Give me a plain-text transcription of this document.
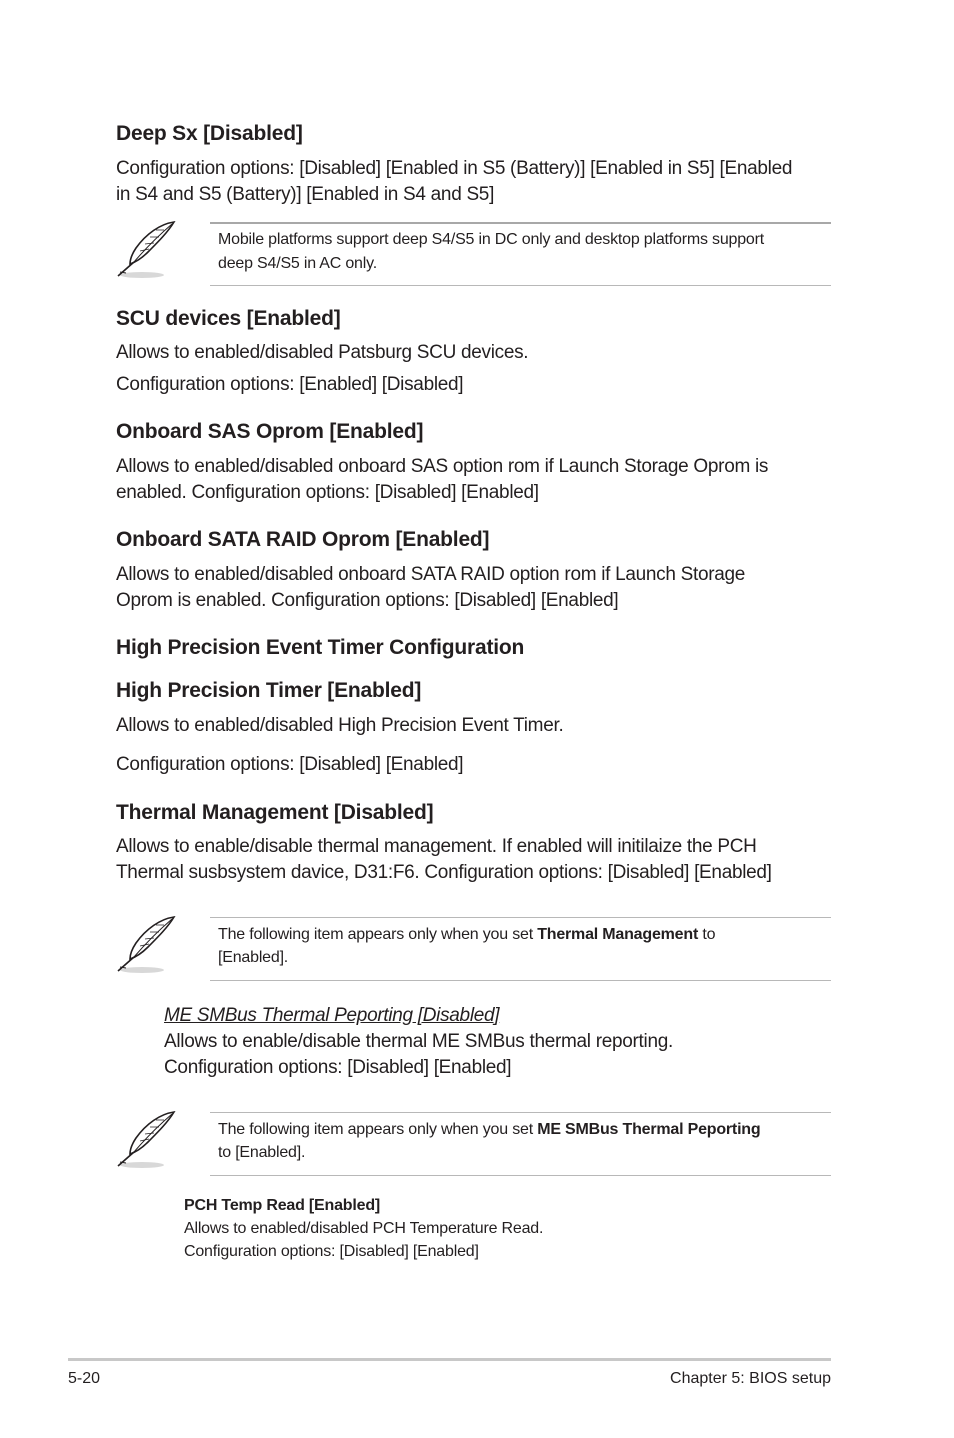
Deep Sx [Disabled]
Configuration options: [Disabled] [Enabled in S5 (Battery)] [Enabled in S5] [Enabled
in S4 and S5 (Battery)] [Enabled in S4 and S5]
Mobile platforms support deep S4/S5 in DC only and desktop platforms support
deep S4/S5 in AC only.
SCU devices [Enabled]
Allows to enabled/disabled Patsburg SCU devices.
Configuration options: [Enabled] [Disabled]
Onboard SAS Oprom [Enabled]
Allows to enabled/disabled onboard SAS option rom if Launch Storage Oprom is
enabled. Configuration options: [Disabled] [Enabled]
Onboard SATA RAID Oprom [Enabled]
Allows to enabled/disabled onboard SATA RAID option rom if Launch Storage
Oprom is enabled. Configuration options: [Disabled] [Enabled]
High Precision Event Timer Configuration
High Precision Timer [Enabled]
Allows to enabled/disabled High Precision Event Timer.
Configuration options: [Disabled] [Enabled]
Thermal Management [Disabled]
Allows to enable/disable thermal management. If enabled will initilaize the PCH
Thermal susbsystem davice, D31:F6. Configuration options: [Disabled] [Enabled]
The following item appears only when you set Thermal Management to
[Enabled].
ME SMBus Thermal Peporting [Disabled]
Allows to enable/disable thermal ME SMBus thermal reporting.
Configuration options: [Disabled] [Enabled]
The following item appears only when you set ME SMBus Thermal Peporting
to [Enabled].
PCH Temp Read [Enabled]
Allows to enabled/disabled PCH Temperature Read.
Configuration options: [Disabled] [Enabled]
5-20	Chapter 5: BIOS setup
